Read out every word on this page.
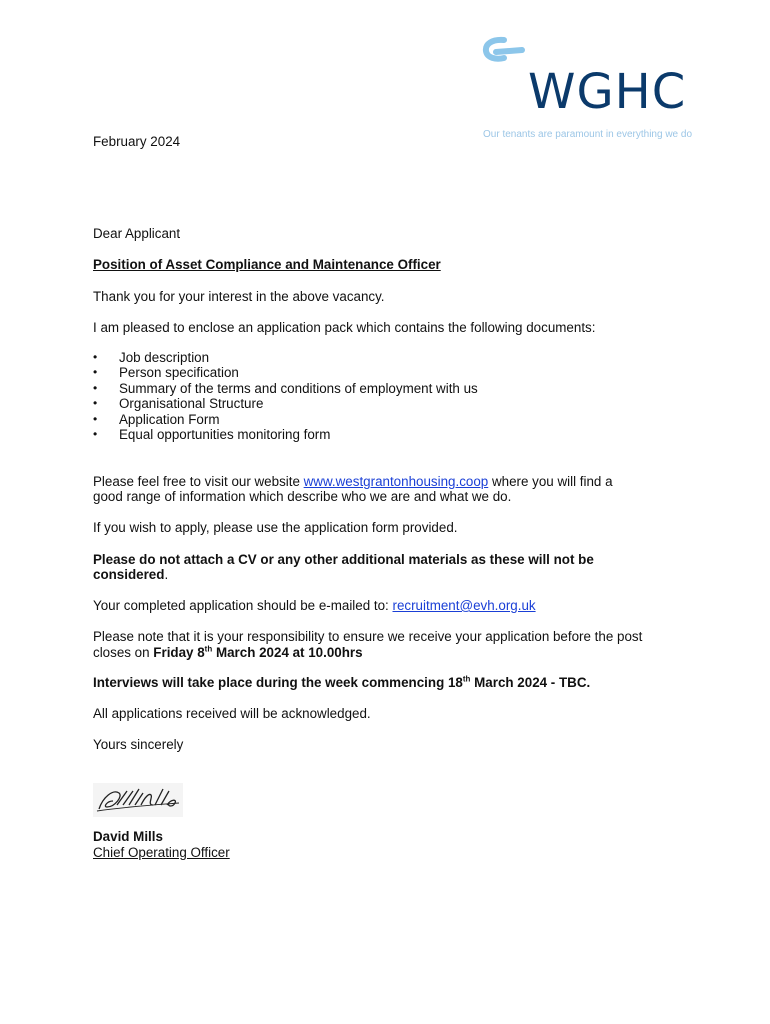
WGHC
Our tenants are paramount in everything we do
February 2024
Dear Applicant
Position of Asset Compliance and Maintenance Officer
Thank you for your interest in the above vacancy.
I am pleased to enclose an application pack which contains the following documents:
• Job description
• Person specification
• Summary of the terms and conditions of employment with us
• Organisational Structure
• Application Form
• Equal opportunities monitoring form
Please feel free to visit our website www.westgrantonhousing.coop where you will find a
good range of information which describe who we are and what we do.
If you wish to apply, please use the application form provided.
Please do not attach a CV or any other additional materials as these will not be
considered.
Your completed application should be e-mailed to: recruitment@evh.org.uk
Please note that it is your responsibility to ensure we receive your application before the post
closes on Friday 8th March 2024 at 10.00hrs
Interviews will take place during the week commencing 18th March 2024 - TBC.
All applications received will be acknowledged.
Yours sincerely
David Mills
Chief Operating Officer
